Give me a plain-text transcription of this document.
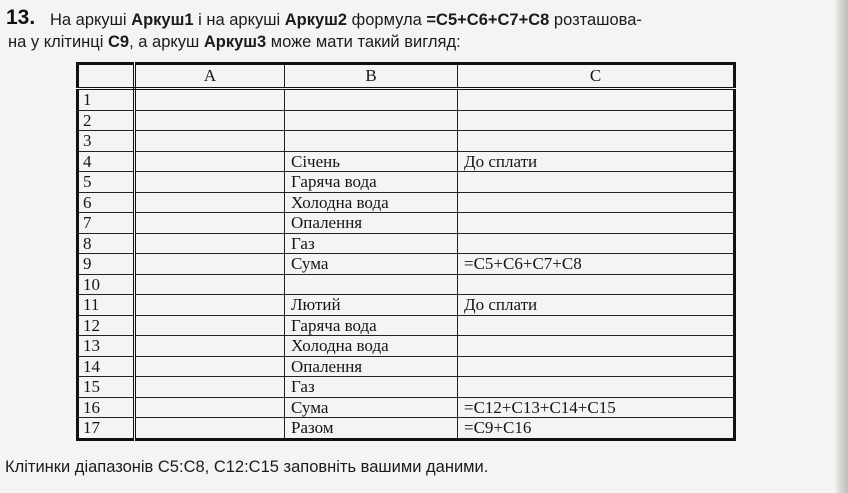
13. На аркуші Аркуш1 і на аркуші Аркуш2 формула =С5+С6+С7+С8 розташова-
на у клітинці С9, а аркуш Аркуш3 може мати такий вигляд:
	A	B	C
1			
2			
3			
4		Січень	До сплати
5		Гаряча вода	
6		Холодна вода	
7		Опалення	
8		Газ	
9		Сума	=С5+С6+С7+С8
10			
11		Лютий	До сплати
12		Гаряча вода	
13		Холодна вода	
14		Опалення	
15		Газ	
16		Сума	=С12+С13+С14+С15
17		Разом	=С9+С16
Клітинки діапазонів С5:С8, С12:С15 заповніть вашими даними.
